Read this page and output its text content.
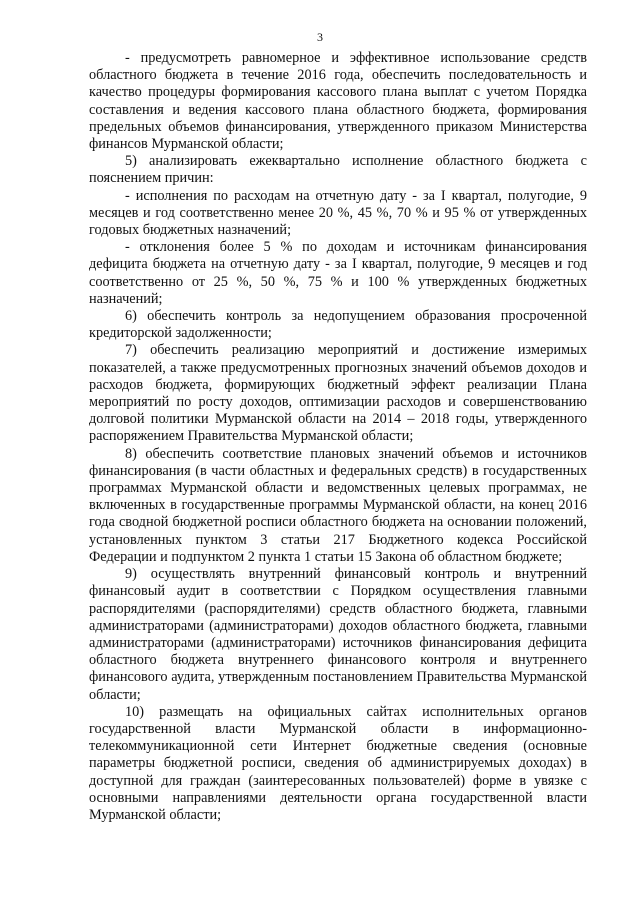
3

- предусмотреть равномерное и эффективное использование средств областного бюджета в течение 2016 года, обеспечить последовательность и качество процедуры формирования кассового плана выплат с учетом Порядка составления и ведения кассового плана областного бюджета, формирования предельных объемов финансирования, утвержденного приказом Министерства финансов Мурманской области;

5) анализировать ежеквартально исполнение областного бюджета с пояснением причин:

- исполнения по расходам на отчетную дату - за I квартал, полугодие, 9 месяцев и год соответственно менее 20 %, 45 %, 70 % и 95 % от утвержденных годовых бюджетных назначений;

- отклонения более 5 % по доходам и источникам финансирования дефицита бюджета на отчетную дату - за I квартал, полугодие, 9 месяцев и год соответственно от 25 %, 50 %, 75 % и 100 % утвержденных бюджетных назначений;

6) обеспечить контроль за недопущением образования просроченной кредиторской задолженности;

7) обеспечить реализацию мероприятий и достижение измеримых показателей, а также предусмотренных прогнозных значений объемов доходов и расходов бюджета, формирующих бюджетный эффект реализации Плана мероприятий по росту доходов, оптимизации расходов и совершенствованию долговой политики Мурманской области на 2014 – 2018 годы, утвержденного распоряжением Правительства Мурманской области;

8) обеспечить соответствие плановых значений объемов и источников финансирования (в части областных и федеральных средств) в государственных программах Мурманской области и ведомственных целевых программах, не включенных в государственные программы Мурманской области, на конец 2016 года сводной бюджетной росписи областного бюджета на основании положений, установленных пунктом 3 статьи 217 Бюджетного кодекса Российской Федерации и подпунктом 2 пункта 1 статьи 15 Закона об областном бюджете;

9) осуществлять внутренний финансовый контроль и внутренний финансовый аудит в соответствии с Порядком осуществления главными распорядителями (распорядителями) средств областного бюджета, главными администраторами (администраторами) доходов областного бюджета, главными администраторами (администраторами) источников финансирования дефицита областного бюджета внутреннего финансового контроля и внутреннего финансового аудита, утвержденным постановлением Правительства Мурманской области;

10) размещать на официальных сайтах исполнительных органов государственной власти Мурманской области в информационно-телекоммуникационной сети Интернет бюджетные сведения (основные параметры бюджетной росписи, сведения об администрируемых доходах) в доступной для граждан (заинтересованных пользователей) форме в увязке с основными направлениями деятельности органа государственной власти Мурманской области;
